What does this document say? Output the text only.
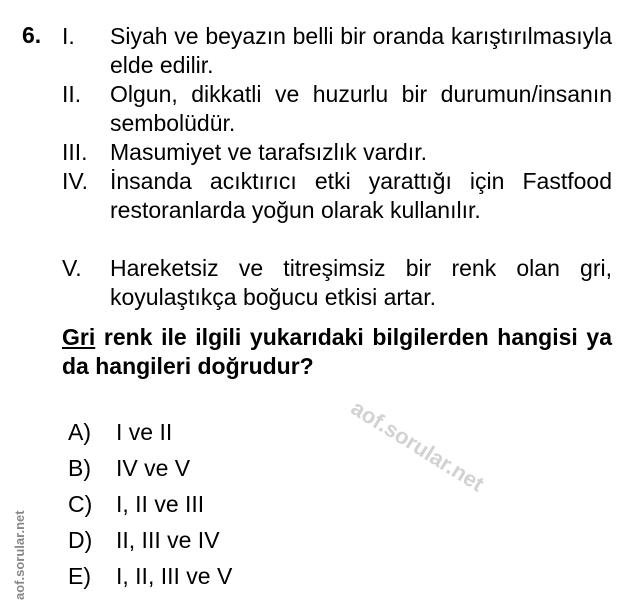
6. I. Siyah ve beyazın belli bir oranda karıştırılmasıyla elde edilir.
II. Olgun, dikkatli ve huzurlu bir durumun/insanın sembolüdür.
III. Masumiyet ve tarafsızlık vardır.
IV. İnsanda acıktırıcı etki yarattığı için Fastfood restoranlarda yoğun olarak kullanılır.
V. Hareketsiz ve titreşimsiz bir renk olan gri, koyulaştıkça boğucu etkisi artar.
Gri renk ile ilgili yukarıdaki bilgilerden hangisi ya da hangileri doğrudur?
A) I ve II
B) IV ve V
C) I, II ve III
D) II, III ve IV
E) I, II, III ve V
aof.sorular.net
aof.sorular.net
